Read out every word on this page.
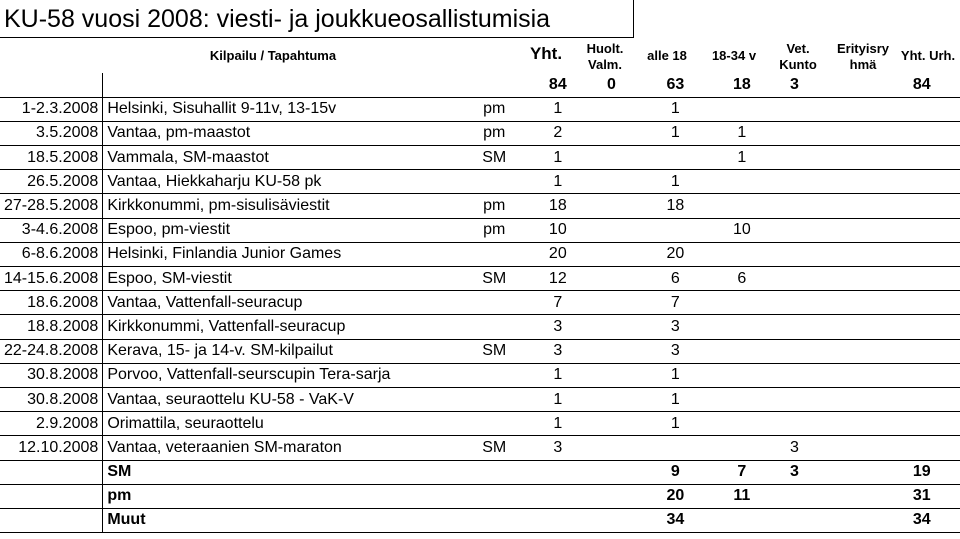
KU-58 vuosi 2008: viesti- ja joukkueosallistumisia
Kilpailu / Tapahtuma	Yht.	Huolt.
Valm.
alle 18	18-34 v	Vet.
Kunto
Erityisry
hmä
Yht. Urh.
			84	0	63	18	3		84
1-2.3.2008	Helsinki, Sisuhallit 9-11v, 13-15v	pm	1		1				
3.5.2008	Vantaa, pm-maastot	pm	2		1	1			
18.5.2008	Vammala, SM-maastot	SM	1			1			
26.5.2008	Vantaa, Hiekkaharju KU-58 pk		1		1				
27-28.5.2008	Kirkkonummi, pm-sisulisäviestit	pm	18		18				
3-4.6.2008	Espoo, pm-viestit	pm	10			10			
6-8.6.2008	Helsinki, Finlandia Junior Games		20		20				
14-15.6.2008	Espoo, SM-viestit	SM	12		6	6			
18.6.2008	Vantaa, Vattenfall-seuracup		7		7				
18.8.2008	Kirkkonummi, Vattenfall-seuracup		3		3				
22-24.8.2008	Kerava, 15- ja 14-v. SM-kilpailut	SM	3		3				
30.8.2008	Porvoo, Vattenfall-seurscupin Tera-sarja		1		1				
30.8.2008	Vantaa, seuraottelu KU-58 - VaK-V		1		1				
2.9.2008	Orimattila, seuraottelu		1		1				
12.10.2008	Vantaa, veteraanien SM-maraton	SM	3				3		
	SM				9	7	3		19
	pm				20	11			31
	Muut				34				34
